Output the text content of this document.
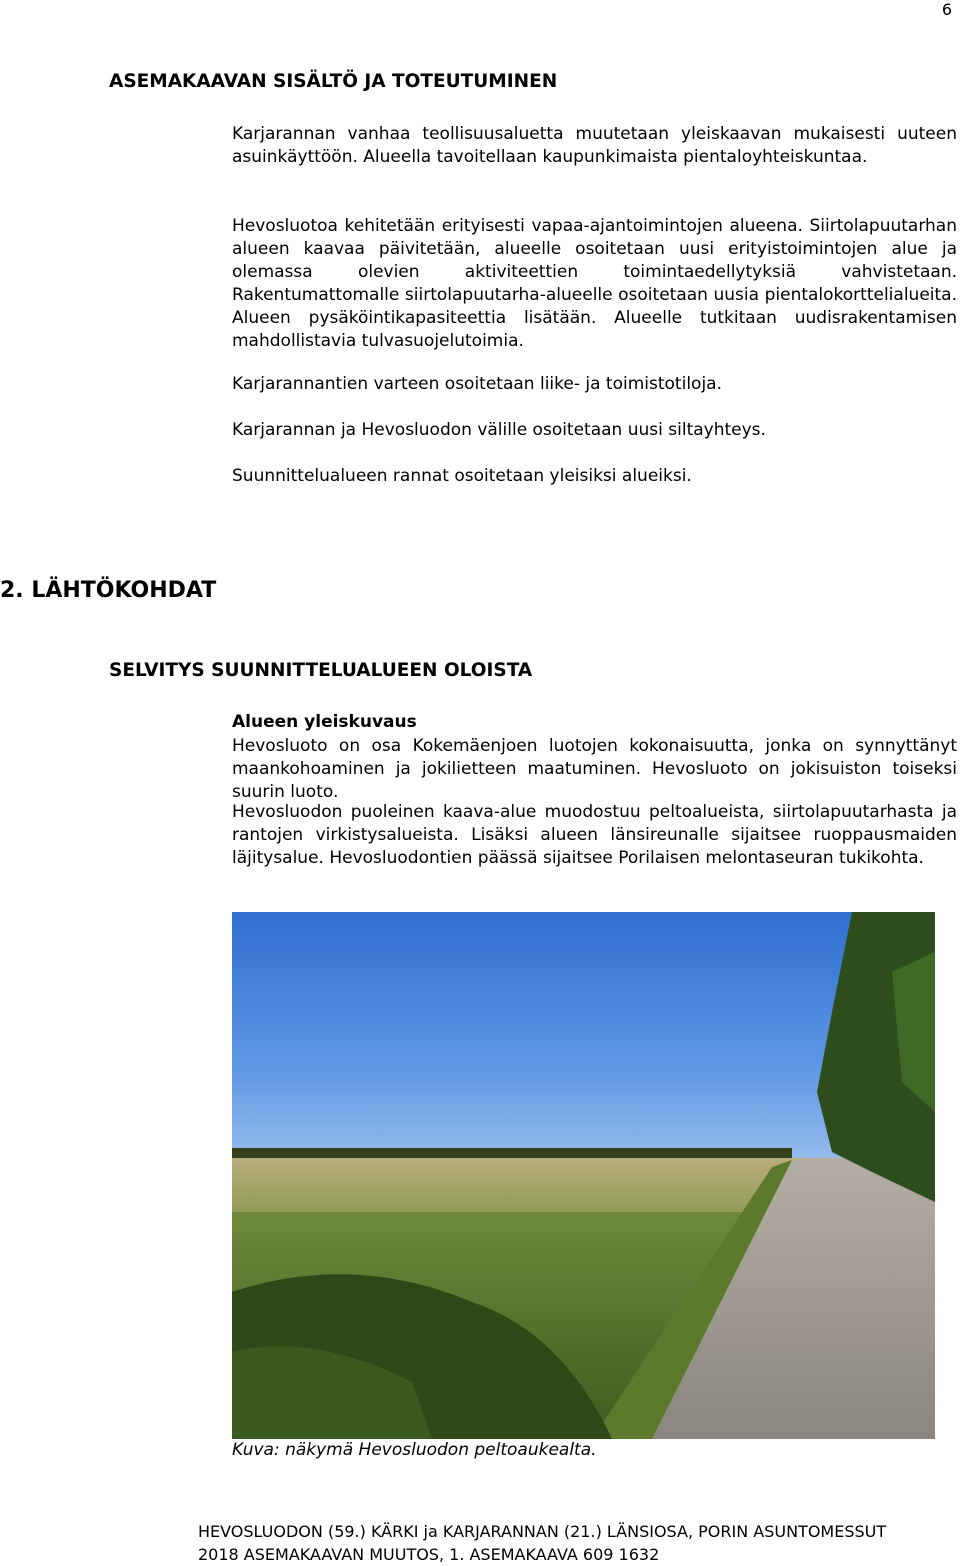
6
ASEMAKAAVAN SISÄLTÖ JA TOTEUTUMINEN

Karjarannan vanhaa teollisuusaluetta muutetaan yleiskaavan mukaisesti uuteen asuinkäyttöön. Alueella tavoitellaan kaupunkimaista pientaloyhteiskuntaa.

Hevosluotoa kehitetään erityisesti vapaa-ajantoimintojen alueena. Siirtolapuutarhan alueen kaavaa päivitetään, alueelle osoitetaan uusi erityistoimintojen alue ja olemassa olevien aktiviteettien toimintaedellytyksiä vahvistetaan. Rakentumattomalle siirtolapuutarha-alueelle osoitetaan uusia pientalokorttelialueita. Alueen pysäköintikapasiteettia lisätään. Alueelle tutkitaan uudisrakentamisen mahdollistavia tulvasuojelutoimia.

Karjarannantien varteen osoitetaan liike- ja toimistotiloja.

Karjarannan ja Hevosluodon välille osoitetaan uusi siltayhteys.

Suunnittelualueen rannat osoitetaan yleisiksi alueiksi.

2. LÄHTÖKOHDAT
SELVITYS SUUNNITTELUALUEEN OLOISTA
Alueen yleiskuvaus

Hevosluoto on osa Kokemäenjoen luotojen kokonaisuutta, jonka on synnyttänyt maankohoaminen ja jokilietteen maatuminen. Hevosluoto on jokisuiston toiseksi suurin luoto.

Hevosluodon puoleinen kaava-alue muodostuu peltoalueista, siirtolapuutarhasta ja rantojen virkistysalueista. Lisäksi alueen länsireunalle sijaitsee ruoppausmaiden läjitysalue. Hevosluodontien päässä sijaitsee Porilaisen melontaseuran tukikohta.

Kuva: näkymä Hevosluodon peltoaukealta.
HEVOSLUODON (59.) KÄRKI ja KARJARANNAN (21.) LÄNSIOSA, PORIN ASUNTOMESSUT
2018 ASEMAKAAVAN MUUTOS, 1. ASEMAKAAVA 609 1632
